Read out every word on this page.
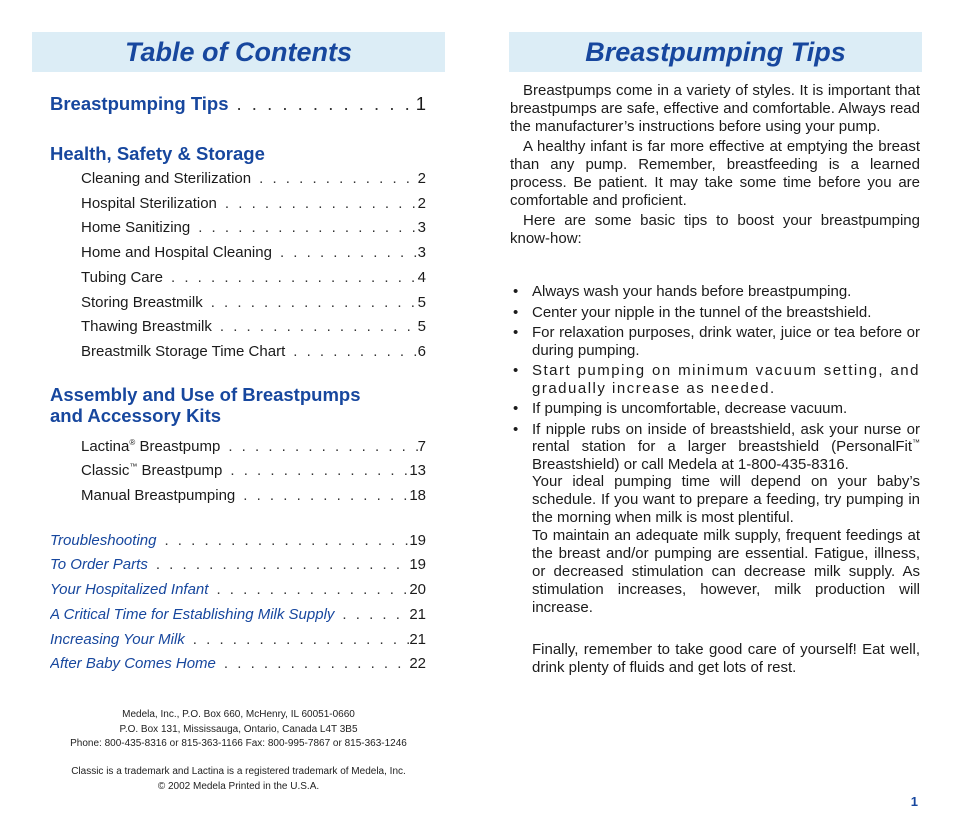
Table of Contents
Breastpumping Tips . . .	1
Health, Safety & Storage
Cleaning and Sterilization . . .	2
Hospital Sterilization . . .	2
Home Sanitizing . . .	3
Home and Hospital Cleaning . . .	3
Tubing Care . . .	4
Storing Breastmilk . . .	5
Thawing Breastmilk . . .	5
Breastmilk Storage Time Chart . . .	6
Assembly and Use of Breastpumps
and Accessory Kits
Lactina® Breastpump . . .	7
Classic™ Breastpump . . .	13
Manual Breastpumping . . .	18
Troubleshooting . . .	19
To Order Parts . . .	19
Your Hospitalized Infant . . .	20
A Critical Time for Establishing Milk Supply . . .	21
Increasing Your Milk . . .	21
After Baby Comes Home . . .	22
Medela, Inc., P.O. Box 660, McHenry, IL 60051-0660
P.O. Box 131, Mississauga, Ontario, Canada L4T 3B5
Phone: 800-435-8316 or 815-363-1166 Fax: 800-995-7867 or 815-363-1246
Classic is a trademark and Lactina is a registered trademark of Medela, Inc.
© 2002 Medela Printed in the U.S.A.
Breastpumping Tips

Breastpumps come in a variety of styles. It is important that breastpumps are safe, effective and comfortable. Always read the manufacturer’s instructions before using your pump.

A healthy infant is far more effective at emptying the breast than any pump. Remember, breastfeeding is a learned process. Be patient. It may take some time before you are comfortable and proficient.

Here are some basic tips to boost your breastpumping know-how:

• Always wash your hands before breastpumping.
• Center your nipple in the tunnel of the breastshield.
• For relaxation purposes, drink water, juice or tea before or during pumping.
• Start pumping on minimum vacuum setting, and gradually increase as needed.
• If pumping is uncomfortable, decrease vacuum.
• If nipple rubs on inside of breastshield, ask your nurse or rental station for a larger breastshield (PersonalFit™ Breastshield) or call Medela at 1-800-435-8316.

Your ideal pumping time will depend on your baby’s schedule. If you want to prepare a feeding, try pumping in the morning when milk is most plentiful.

To maintain an adequate milk supply, frequent feedings at the breast and/or pumping are essential. Fatigue, illness, or decreased stimulation can decrease milk supply. As stimulation increases, however, milk production will increase.

Finally, remember to take good care of yourself! Eat well, drink plenty of fluids and get lots of rest.

1
